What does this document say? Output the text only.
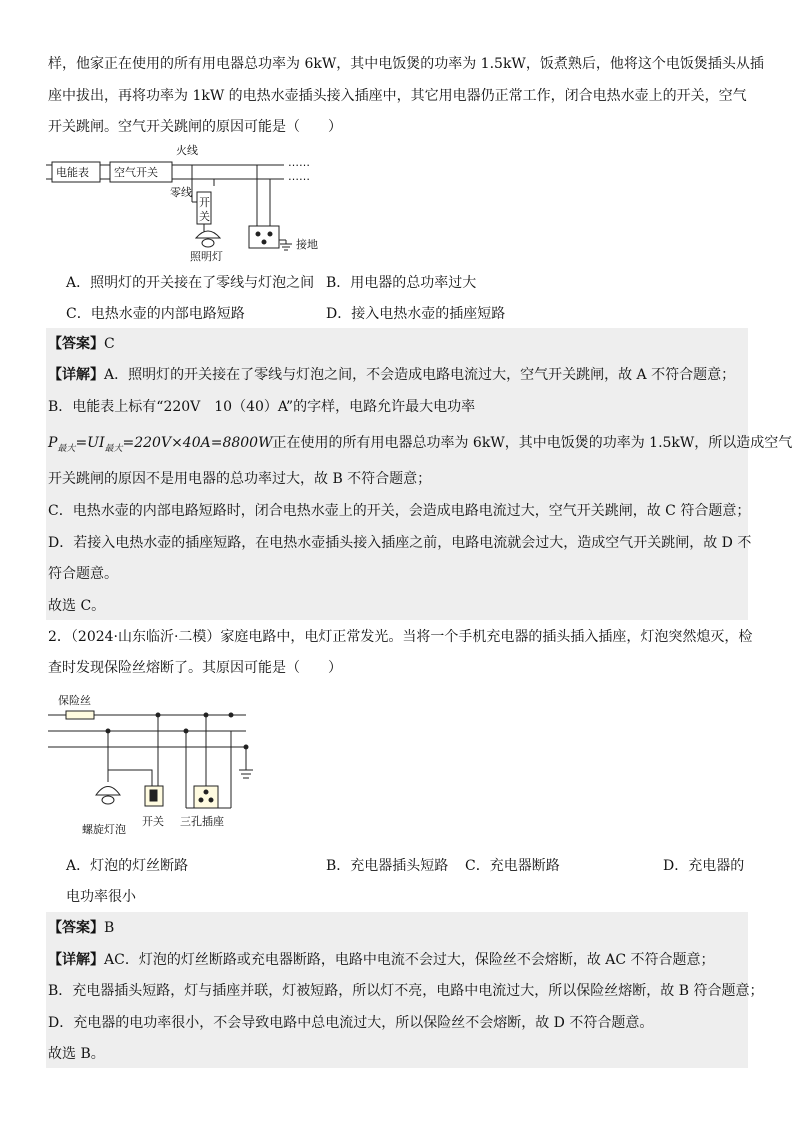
样，他家正在使用的所有用电器总功率为 6kW，其中电饭煲的功率为 1.5kW，饭煮熟后，他将这个电饭煲插头从插
座中拔出，再将功率为 1kW 的电热水壶插头接入插座中，其它用电器仍正常工作，闭合电热水壶上的开关，空气
开关跳闸。空气开关跳闸的原因可能是（　　）
电能表 空气开关
火线
零线
开关
照明灯
接地
……
……
A．照明灯的开关接在了零线与灯泡之间 B．用电器的总功率过大
C．电热水壶的内部电路短路	D．接入电热水壶的插座短路
【答案】C
【详解】A．照明灯的开关接在了零线与灯泡之间，不会造成电路电流过大，空气开关跳闸，故 A 不符合题意；
B．电能表上标有“220V　10（40）A”的字样，电路允许最大电功率
$P_{最大}=UI_{最大}=220V\times 40A=8800W$正在使用的所有用电器总功率为 6kW，其中电饭煲的功率为 1.5kW，所以造成空气
开关跳闸的原因不是用电器的总功率过大，故 B 不符合题意；
C．电热水壶的内部电路短路时，闭合电热水壶上的开关，会造成电路电流过大，空气开关跳闸，故 C 符合题意；
D．若接入电热水壶的插座短路，在电热水壶插头接入插座之前，电路电流就会过大，造成空气开关跳闸，故 D 不
符合题意。
故选 C。
2．（2024·山东临沂·二模）家庭电路中，电灯正常发光。当将一个手机充电器的插头插入插座，灯泡突然熄灭，检
查时发现保险丝熔断了。其原因可能是（　　）
保险丝
螺旋灯泡
开关 三孔插座
A．灯泡的灯丝断路	B．充电器插头短路 C．充电器断路	D．充电器的
电功率很小
【答案】B
【详解】AC．灯泡的灯丝断路或充电器断路，电路中电流不会过大，保险丝不会熔断，故 AC 不符合题意；
B．充电器插头短路，灯与插座并联，灯被短路，所以灯不亮，电路中电流过大，所以保险丝熔断，故 B 符合题意；
D．充电器的电功率很小，不会导致电路中总电流过大，所以保险丝不会熔断，故 D 不符合题意。
故选 B。
